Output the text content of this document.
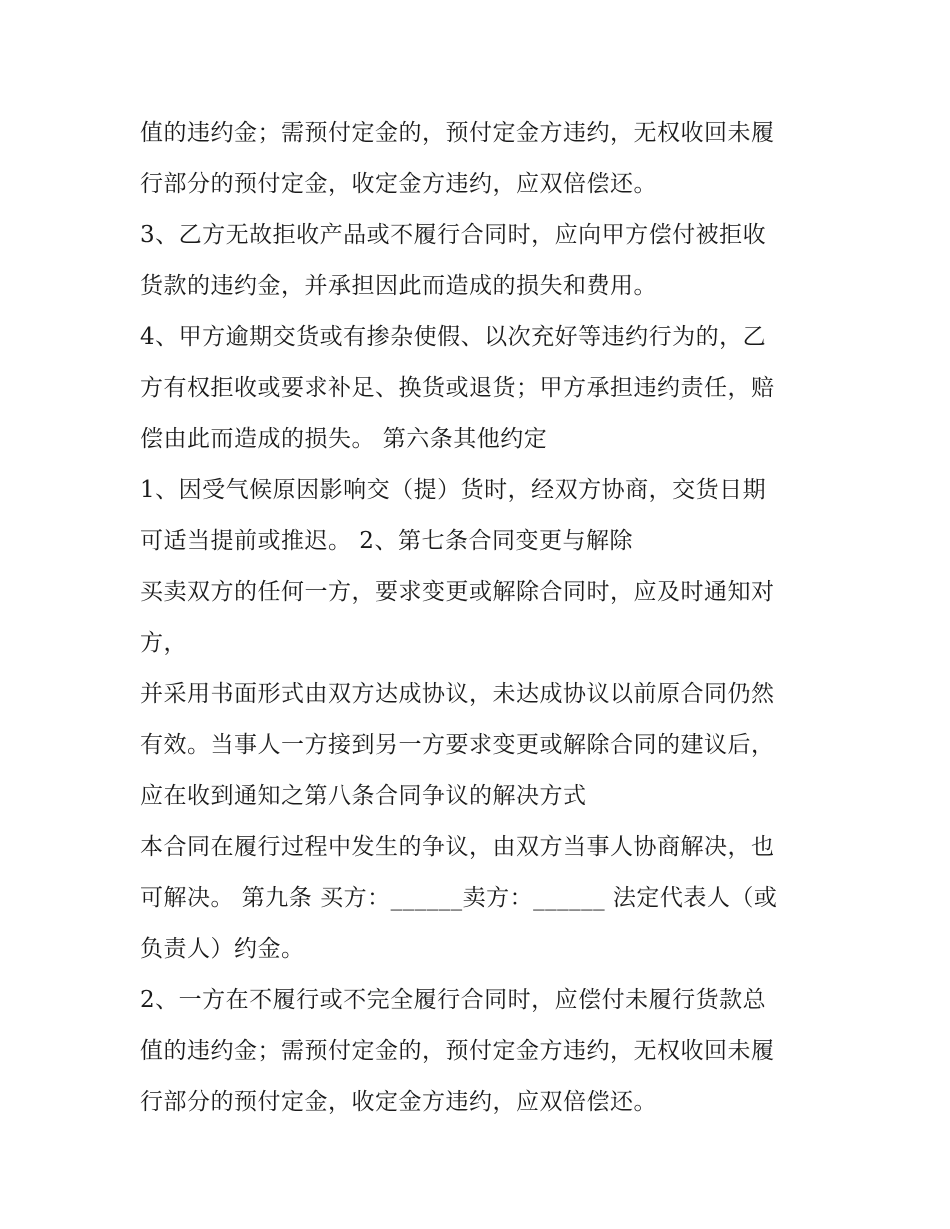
值的违约金；需预付定金的，预付定金方违约，无权收回未履
行部分的预付定金，收定金方违约，应双倍偿还。
3、乙方无故拒收产品或不履行合同时，应向甲方偿付被拒收
货款的违约金，并承担因此而造成的损失和费用。
4、甲方逾期交货或有掺杂使假、以次充好等违约行为的，乙
方有权拒收或要求补足、换货或退货；甲方承担违约责任，赔
偿由此而造成的损失。 第六条其他约定
1、因受气候原因影响交（提）货时，经双方协商，交货日期
可适当提前或推迟。 2、第七条合同变更与解除
买卖双方的任何一方，要求变更或解除合同时，应及时通知对
方，
并采用书面形式由双方达成协议，未达成协议以前原合同仍然
有效。当事人一方接到另一方要求变更或解除合同的建议后，
应在收到通知之第八条合同争议的解决方式
本合同在履行过程中发生的争议，由双方当事人协商解决，也
可解决。 第九条 买方：______卖方：______ 法定代表人（或
负责人）约金。
2、一方在不履行或不完全履行合同时，应偿付未履行货款总
值的违约金；需预付定金的，预付定金方违约，无权收回未履
行部分的预付定金，收定金方违约，应双倍偿还。
